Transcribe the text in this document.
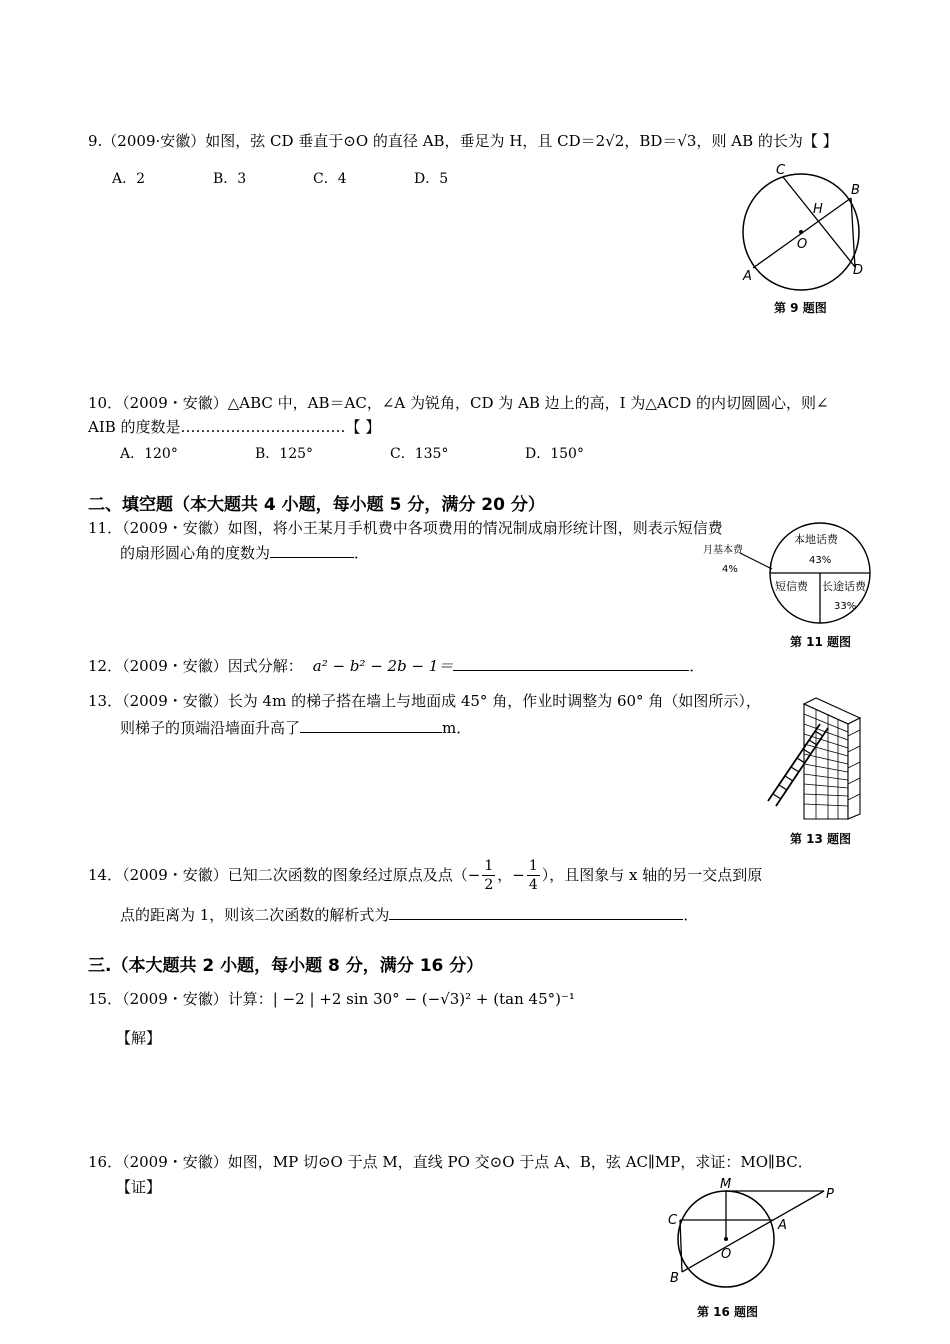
9.（2009·安徽）如图，弦 CD 垂直于⊙O 的直径 AB，垂足为 H，且 CD＝2√2，BD＝√3，则 AB 的长为【 】
A．2	B．3	C．4	D．5
C
B
H
O
A	D
第 9 题图
10．（2009・安徽）△ABC 中，AB＝AC，∠A 为锐角，CD 为 AB 边上的高，I 为△ACD 的内切圆圆心，则∠
AIB 的度数是……………………………【 】
A．120°	B．125°	C．135°	D．150°
二、填空题（本大题共 4 小题，每小题 5 分，满分 20 分）
11．（2009・安徽）如图，将小王某月手机费中各项费用的情况制成扇形统计图，则表示短信费
的扇形圆心角的度数为	．
本地话费
43%
月基本费
4%
短信费 长途话费
33%
第 11 题图
12．（2009・安徽）因式分解： a² − b² − 2b − 1＝	．
13．（2009・安徽）长为 4m 的梯子搭在墙上与地面成 45° 角，作业时调整为 60° 角（如图所示），
则梯子的顶端沿墙面升高了	m．
第 13 题图
14．（2009・安徽）已知二次函数的图象经过原点及点（− $\frac{1}{2}$ ，− $\frac{1}{4}$ ），且图象与 x 轴的另一交点到原
点的距离为 1，则该二次函数的解析式为	．
三.（本大题共 2 小题，每小题 8 分，满分 16 分）
15．（2009・安徽）计算：| −2 | +2 sin 30° − (−√3)² + (tan 45°)⁻¹
【解】
16．（2009・安徽）如图，MP 切⊙O 于点 M，直线 PO 交⊙O 于点 A、B，弦 AC∥MP，求证：MO∥BC．
【证】	M
P
C	A
O
B
第 16 题图
